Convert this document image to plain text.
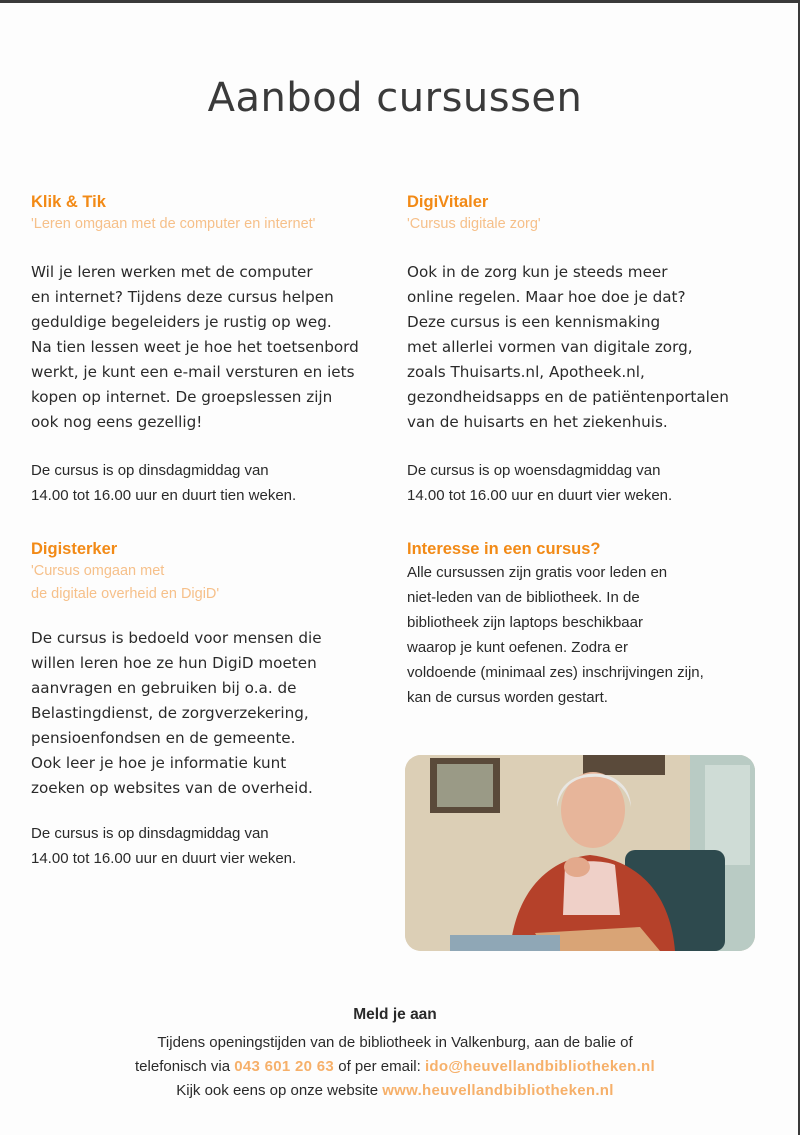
Aanbod cursussen

Klik & Tik

'Leren omgaan met de computer en internet'

Wil je leren werken met de computer
en internet? Tijdens deze cursus helpen
geduldige begeleiders je rustig op weg.
Na tien lessen weet je hoe het toetsenbord
werkt, je kunt een e-mail versturen en iets
kopen op internet. De groepslessen zijn
ook nog eens gezellig!

De cursus is op dinsdagmiddag van
14.00 tot 16.00 uur en duurt tien weken.

Digisterker

'Cursus omgaan met
de digitale overheid en DigiD'

De cursus is bedoeld voor mensen die
willen leren hoe ze hun DigiD moeten
aanvragen en gebruiken bij o.a. de
Belastingdienst, de zorgverzekering,
pensioenfondsen en de gemeente.
Ook leer je hoe je informatie kunt
zoeken op websites van de overheid.

De cursus is op dinsdagmiddag van
14.00 tot 16.00 uur en duurt vier weken.

DigiVitaler

'Cursus digitale zorg'

Ook in de zorg kun je steeds meer
online regelen. Maar hoe doe je dat?
Deze cursus is een kennismaking
met allerlei vormen van digitale zorg,
zoals Thuisarts.nl, Apotheek.nl,
gezondheidsapps en de patiëntenportalen
van de huisarts en het ziekenhuis.

De cursus is op woensdagmiddag van
14.00 tot 16.00 uur en duurt vier weken.

Interesse in een cursus?

Alle cursussen zijn gratis voor leden en
niet-leden van de bibliotheek. In de
bibliotheek zijn laptops beschikbaar
waarop je kunt oefenen. Zodra er
voldoende (minimaal zes) inschrijvingen zijn,
kan de cursus worden gestart.

Meld je aan

Tijdens openingstijden van de bibliotheek in Valkenburg, aan de balie of

telefonisch via 043 601 20 63 of per email: ido@heuvellandbibliotheken.nl

Kijk ook eens op onze website www.heuvellandbibliotheken.nl
